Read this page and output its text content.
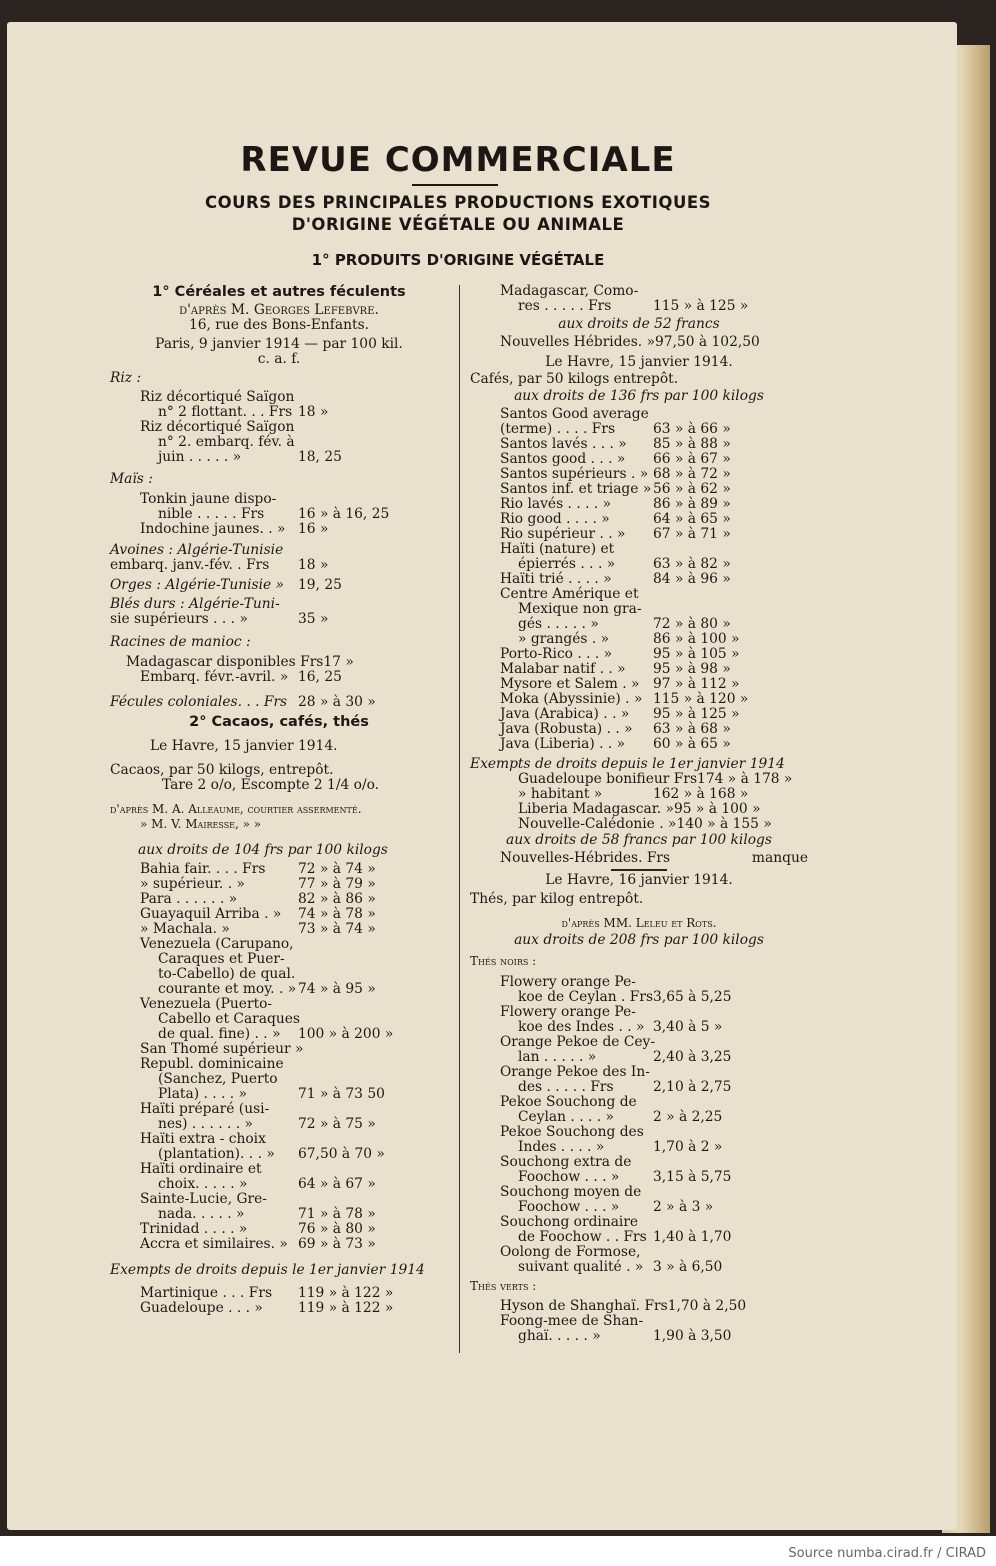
REVUE COMMERCIALE
COURS DES PRINCIPALES PRODUCTIONS EXOTIQUES
D'ORIGINE VÉGÉTALE OU ANIMALE
1° PRODUITS D'ORIGINE VÉGÉTALE
1° Céréales et autres féculents
d'après M. Georges Lefebvre.
16, rue des Bons-Enfants.
Paris, 9 janvier 1914 — par 100 kil.
c. a. f.
Riz :
Riz décortiqué Saïgon
n° 2 flottant. . . Frs 18 »
Riz décortiqué Saïgon
n° 2. embarq. fév. à
juin . . . . . »	18, 25
Maïs :
Tonkin jaune dispo-
nible . . . . . Frs	16 » à 16, 25
Indochine jaunes. . » 16 »
Avoines : Algérie-Tunisie
embarq. janv.-fév. . Frs	18 »
Orges : Algérie-Tunisie »	19, 25
Blés durs : Algérie-Tuni-
sie supérieurs . . . »	35 »
Racines de manioc :
Madagascar disponibles Frs 17 »
Embarq. févr.-avril. » 16, 25
Fécules coloniales. . . Frs 28 » à 30 »
2° Cacaos, cafés, thés
Le Havre, 15 janvier 1914.
Cacaos, par 50 kilogs, entrepôt.
Tare 2 o/o, Escompte 2 1/4 o/o.
d'après M. A. Alleaume, courtier assermenté.
» M. V. Mairesse, » »
aux droits de 104 frs par 100 kilogs
Bahia fair. . . . Frs	72 » à 74 »
» supérieur. . »	77 » à 79 »
Para . . . . . . »	82 » à 86 »
Guayaquil Arriba . »	74 » à 78 »
» Machala. »	73 » à 74 »
Venezuela (Carupano,
Caraques et Puer-
to-Cabello) de qual.
courante et moy. . » 74 » à 95 »
Venezuela (Puerto-
Cabello et Caraques
de qual. fine) . . »	100 » à 200 »
San Thomé supérieur »
Republ. dominicaine
(Sanchez, Puerto
Plata) . . . . »	71 » à 73 50
Haïti préparé (usi-
nes) . . . . . . »	72 » à 75 »
Haïti extra - choix
(plantation). . . »	67,50 à 70 »
Haïti ordinaire et
choix. . . . . »	64 » à 67 »
Sainte-Lucie, Gre-
nada. . . . . »	71 » à 78 »
Trinidad . . . . »	76 » à 80 »
Accra et similaires. » 69 » à 73 »
Exempts de droits depuis le 1er janvier 1914
Martinique . . . Frs	119 » à 122 »
Guadeloupe . . . »	119 » à 122 »
Madagascar, Como-
res . . . . . Frs	115 » à 125 »
aux droits de 52 francs
Nouvelles Hébrides. » 97,50 à 102,50
Le Havre, 15 janvier 1914.
Cafés, par 50 kilogs entrepôt.
aux droits de 136 frs par 100 kilogs
Santos Good average
(terme) . . . . Frs	63 » à 66 »
Santos lavés . . . »	85 » à 88 »
Santos good . . . »	66 » à 67 »
Santos supérieurs . » 68 » à 72 »
Santos inf. et triage » 56 » à 62 »
Rio lavés . . . . »	86 » à 89 »
Rio good . . . . »	64 » à 65 »
Rio supérieur . . »	67 » à 71 »
Haïti (nature) et
épierrés . . . »	63 » à 82 »
Haïti trié . . . . »	84 » à 96 »
Centre Amérique et
Mexique non gra-
gés . . . . . »	72 » à 80 »
» grangés . »	86 » à 100 »
Porto-Rico . . . »	95 » à 105 »
Malabar natif . . »	95 » à 98 »
Mysore et Salem . » 97 » à 112 »
Moka (Abyssinie) . » 115 » à 120 »
Java (Arabica) . . »	95 » à 125 »
Java (Robusta) . . »	63 » à 68 »
Java (Liberia) . . »	60 » à 65 »
Exempts de droits depuis le 1er janvier 1914
Guadeloupe bonifieur Frs 174 » à 178 »
» habitant »	162 » à 168 »
Liberia Madagascar. » 95 » à 100 »
Nouvelle-Calédonie . » 140 » à 155 »
aux droits de 58 francs par 100 kilogs
Nouvelles-Hébrides. Frs	manque
Le Havre, 16 janvier 1914.
Thés, par kilog entrepôt.
d'après MM. Leleu et Rots.
aux droits de 208 frs par 100 kilogs
Thés noirs :
Flowery orange Pe-
koe de Ceylan . Frs 3,65 à 5,25
Flowery orange Pe-
koe des Indes . . » 3,40 à 5 »
Orange Pekoe de Cey-
lan . . . . . »	2,40 à 3,25
Orange Pekoe des In-
des . . . . . Frs	2,10 à 2,75
Pekoe Souchong de
Ceylan . . . . »	2 » à 2,25
Pekoe Souchong des
Indes . . . . »	1,70 à 2 »
Souchong extra de
Foochow . . . »	3,15 à 5,75
Souchong moyen de
Foochow . . . »	2 » à 3 »
Souchong ordinaire
de Foochow . . Frs 1,40 à 1,70
Oolong de Formose,
suivant qualité . » 3 » à 6,50
Thés verts :
Hyson de Shanghaï. Frs 1,70 à 2,50
Foong-mee de Shan-
ghaï. . . . . »	1,90 à 3,50
Source numba.cirad.fr / CIRAD
